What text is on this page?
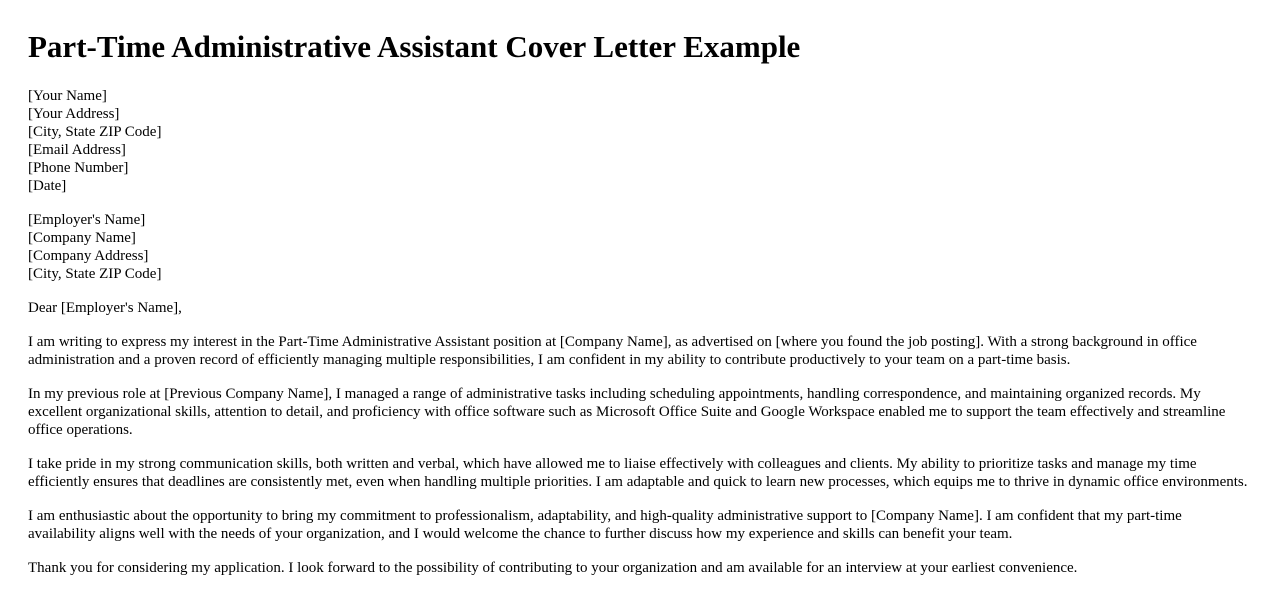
Part-Time Administrative Assistant Cover Letter Example
[Your Name]
[Your Address]
[City, State ZIP Code]
[Email Address]
[Phone Number]
[Date]
[Employer's Name]
[Company Name]
[Company Address]
[City, State ZIP Code]

Dear [Employer's Name],

I am writing to express my interest in the Part-Time Administrative Assistant position at [Company Name], as advertised on [where you found the job posting]. With a strong background in office administration and a proven record of efficiently managing multiple responsibilities, I am confident in my ability to contribute productively to your team on a part-time basis.

In my previous role at [Previous Company Name], I managed a range of administrative tasks including scheduling appointments, handling correspondence, and maintaining organized records. My excellent organizational skills, attention to detail, and proficiency with office software such as Microsoft Office Suite and Google Workspace enabled me to support the team effectively and streamline office operations.

I take pride in my strong communication skills, both written and verbal, which have allowed me to liaise effectively with colleagues and clients. My ability to prioritize tasks and manage my time efficiently ensures that deadlines are consistently met, even when handling multiple priorities. I am adaptable and quick to learn new processes, which equips me to thrive in dynamic office environments.

I am enthusiastic about the opportunity to bring my commitment to professionalism, adaptability, and high-quality administrative support to [Company Name]. I am confident that my part-time availability aligns well with the needs of your organization, and I would welcome the chance to further discuss how my experience and skills can benefit your team.

Thank you for considering my application. I look forward to the possibility of contributing to your organization and am available for an interview at your earliest convenience.
